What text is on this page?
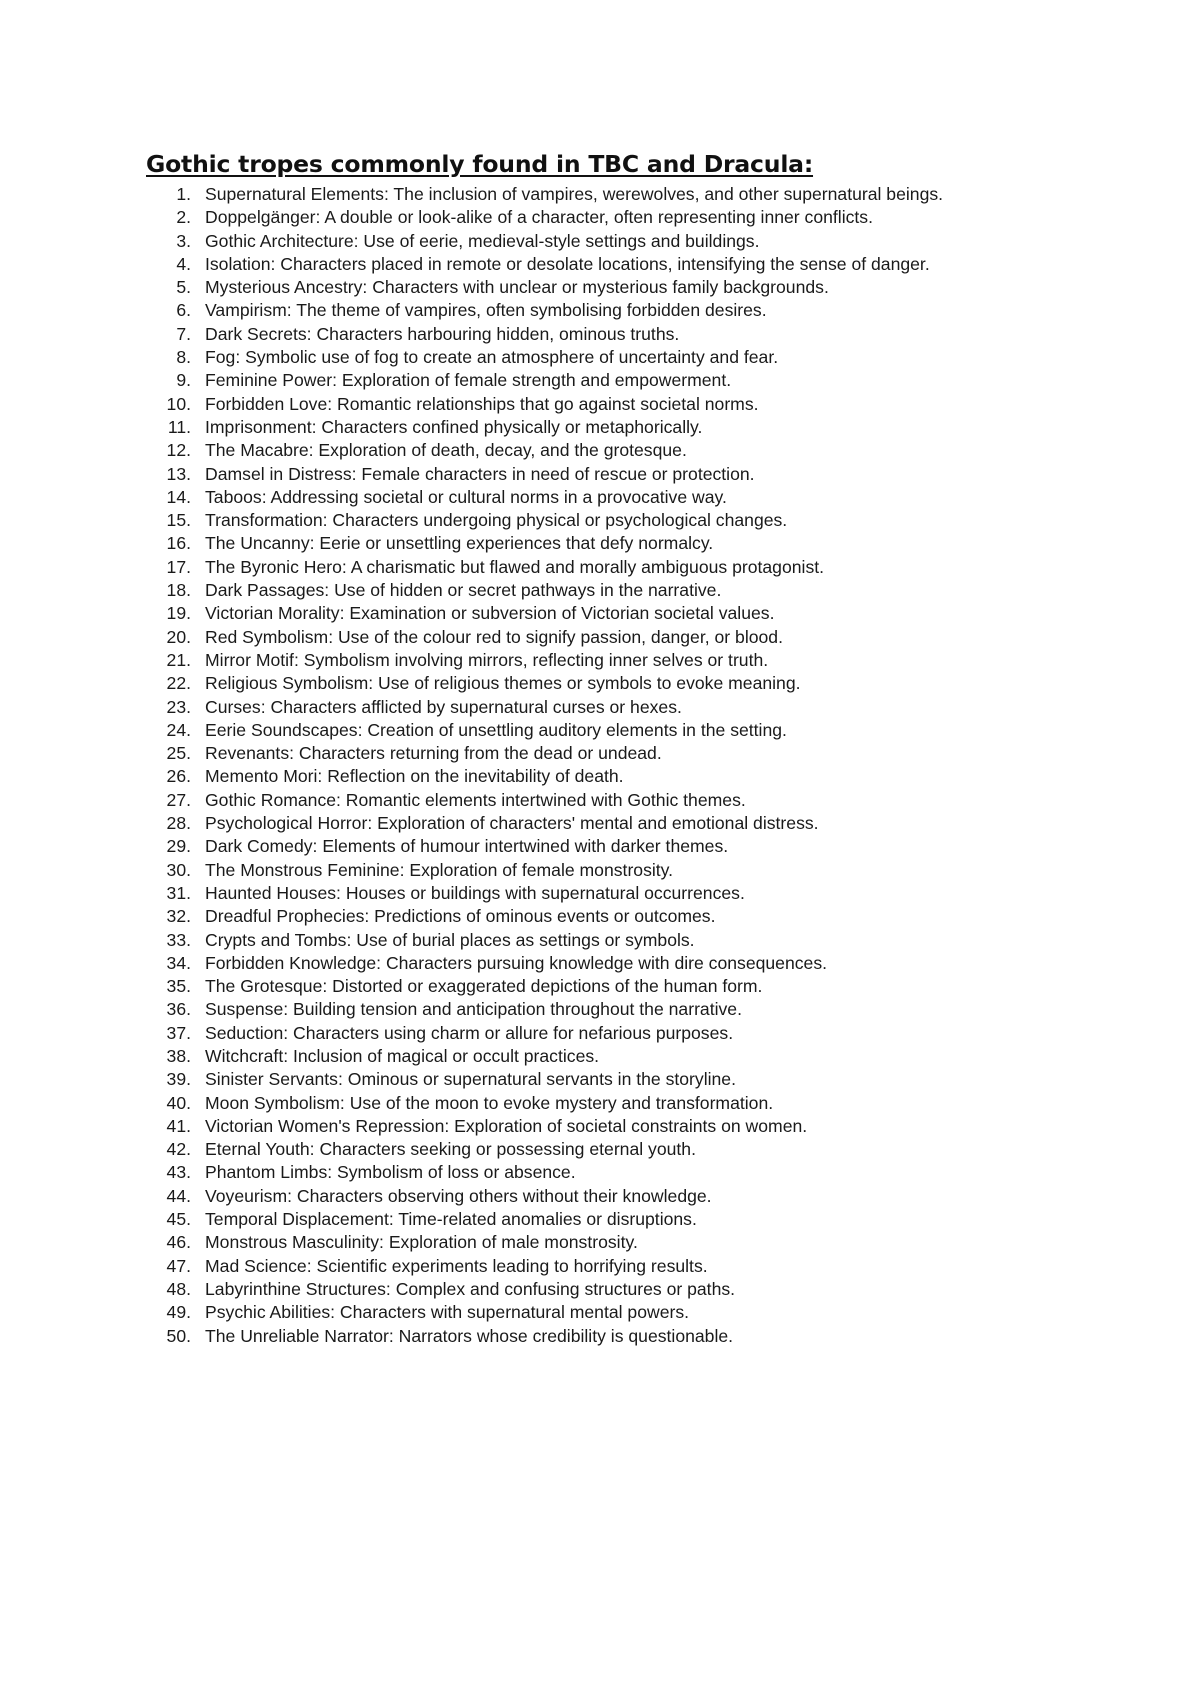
Gothic tropes commonly found in TBC and Dracula:
1. Supernatural Elements: The inclusion of vampires, werewolves, and other supernatural beings.
2. Doppelgänger: A double or look-alike of a character, often representing inner conflicts.
3. Gothic Architecture: Use of eerie, medieval-style settings and buildings.
4. Isolation: Characters placed in remote or desolate locations, intensifying the sense of danger.
5. Mysterious Ancestry: Characters with unclear or mysterious family backgrounds.
6. Vampirism: The theme of vampires, often symbolising forbidden desires.
7. Dark Secrets: Characters harbouring hidden, ominous truths.
8. Fog: Symbolic use of fog to create an atmosphere of uncertainty and fear.
9. Feminine Power: Exploration of female strength and empowerment.
10. Forbidden Love: Romantic relationships that go against societal norms.
11. Imprisonment: Characters confined physically or metaphorically.
12. The Macabre: Exploration of death, decay, and the grotesque.
13. Damsel in Distress: Female characters in need of rescue or protection.
14. Taboos: Addressing societal or cultural norms in a provocative way.
15. Transformation: Characters undergoing physical or psychological changes.
16. The Uncanny: Eerie or unsettling experiences that defy normalcy.
17. The Byronic Hero: A charismatic but flawed and morally ambiguous protagonist.
18. Dark Passages: Use of hidden or secret pathways in the narrative.
19. Victorian Morality: Examination or subversion of Victorian societal values.
20. Red Symbolism: Use of the colour red to signify passion, danger, or blood.
21. Mirror Motif: Symbolism involving mirrors, reflecting inner selves or truth.
22. Religious Symbolism: Use of religious themes or symbols to evoke meaning.
23. Curses: Characters afflicted by supernatural curses or hexes.
24. Eerie Soundscapes: Creation of unsettling auditory elements in the setting.
25. Revenants: Characters returning from the dead or undead.
26. Memento Mori: Reflection on the inevitability of death.
27. Gothic Romance: Romantic elements intertwined with Gothic themes.
28. Psychological Horror: Exploration of characters' mental and emotional distress.
29. Dark Comedy: Elements of humour intertwined with darker themes.
30. The Monstrous Feminine: Exploration of female monstrosity.
31. Haunted Houses: Houses or buildings with supernatural occurrences.
32. Dreadful Prophecies: Predictions of ominous events or outcomes.
33. Crypts and Tombs: Use of burial places as settings or symbols.
34. Forbidden Knowledge: Characters pursuing knowledge with dire consequences.
35. The Grotesque: Distorted or exaggerated depictions of the human form.
36. Suspense: Building tension and anticipation throughout the narrative.
37. Seduction: Characters using charm or allure for nefarious purposes.
38. Witchcraft: Inclusion of magical or occult practices.
39. Sinister Servants: Ominous or supernatural servants in the storyline.
40. Moon Symbolism: Use of the moon to evoke mystery and transformation.
41. Victorian Women's Repression: Exploration of societal constraints on women.
42. Eternal Youth: Characters seeking or possessing eternal youth.
43. Phantom Limbs: Symbolism of loss or absence.
44. Voyeurism: Characters observing others without their knowledge.
45. Temporal Displacement: Time-related anomalies or disruptions.
46. Monstrous Masculinity: Exploration of male monstrosity.
47. Mad Science: Scientific experiments leading to horrifying results.
48. Labyrinthine Structures: Complex and confusing structures or paths.
49. Psychic Abilities: Characters with supernatural mental powers.
50. The Unreliable Narrator: Narrators whose credibility is questionable.
